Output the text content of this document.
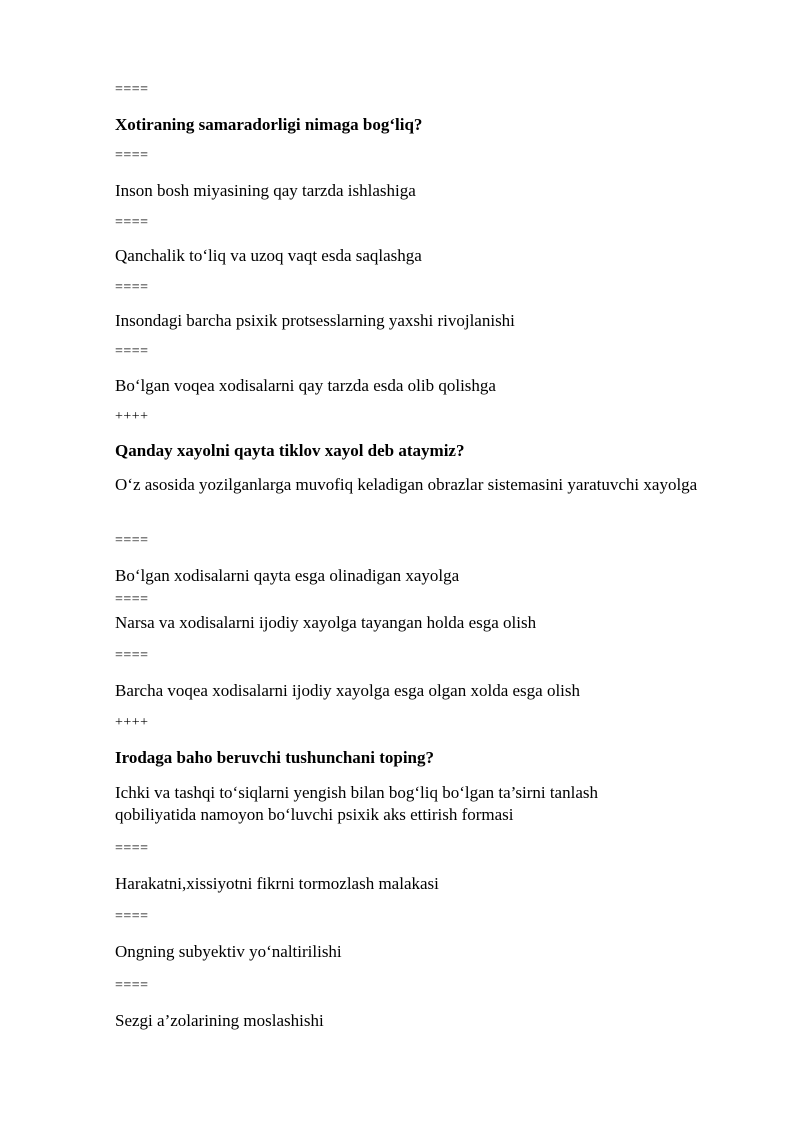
====
Xotiraning samaradorligi nimaga bog‘liq?
====
Inson bosh miyasining qay tarzda ishlashiga
====
Qanchalik to‘liq va uzoq vaqt esda saqlashga
====
Insondagi barcha psixik protsesslarning yaxshi rivojlanishi
====
Bo‘lgan voqea xodisalarni qay tarzda esda olib qolishga
++++
Qanday xayolni qayta tiklov xayol deb ataymiz?
O‘z asosida yozilganlarga muvofiq keladigan obrazlar sistemasini yaratuvchi xayolga
====
Bo‘lgan xodisalarni qayta esga olinadigan xayolga
====
Narsa va xodisalarni ijodiy xayolga tayangan holda esga olish
====
Barcha voqea xodisalarni ijodiy xayolga esga olgan xolda esga olish
++++
Irodaga baho beruvchi tushunchani toping?
Ichki va tashqi to‘siqlarni yengish bilan bog‘liq bo‘lgan ta’sirni tanlash qobiliyatida namoyon bo‘luvchi psixik aks ettirish formasi
====
Harakatni,xissiyotni fikrni tormozlash malakasi
====
Ongning subyektiv yo‘naltirilishi
====
Sezgi a’zolarining moslashishi
